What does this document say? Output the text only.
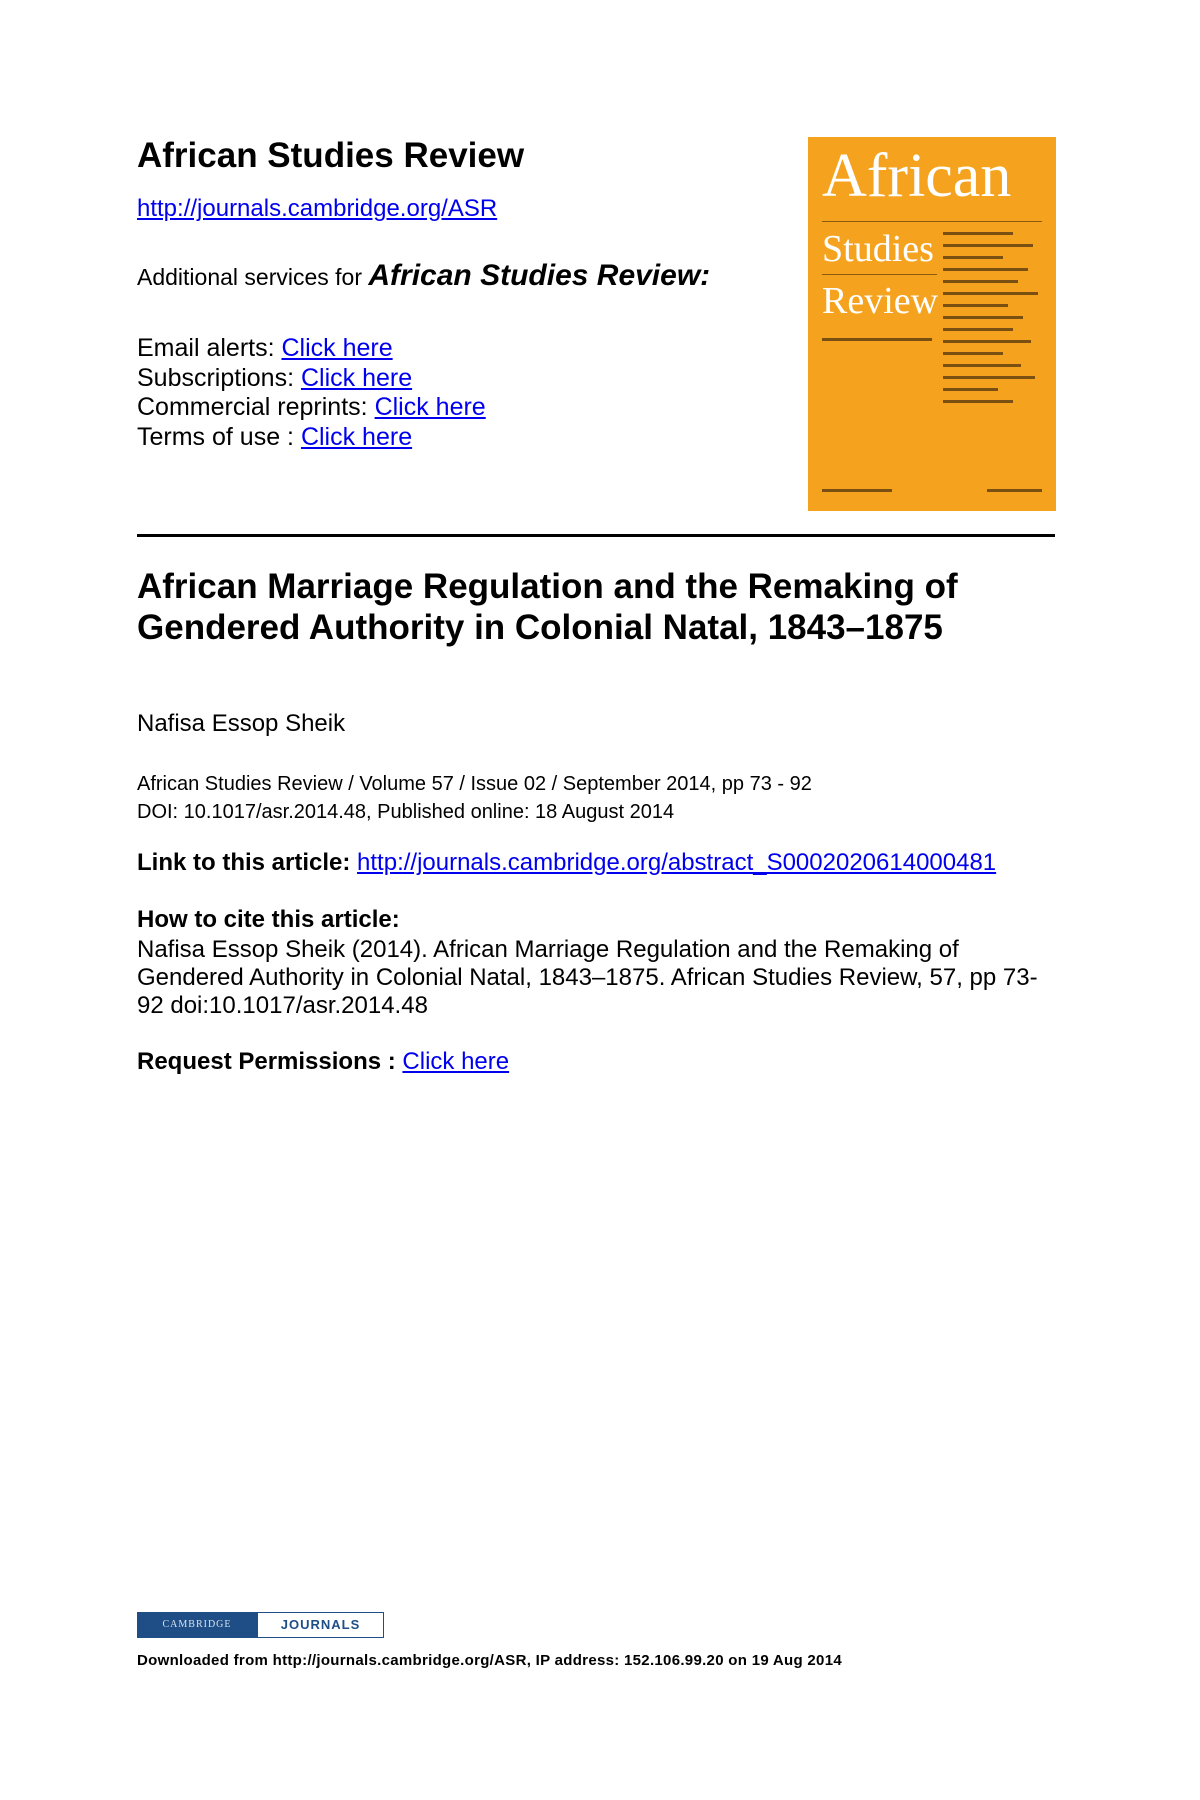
African Studies Review
http://journals.cambridge.org/ASR
Additional services for African Studies Review:
Email alerts: Click here
Subscriptions: Click here
Commercial reprints: Click here
Terms of use : Click here
African
Studies
Review
African Marriage Regulation and the Remaking of Gendered Authority in Colonial Natal, 1843–1875
Nafisa Essop Sheik
African Studies Review / Volume 57 / Issue 02 / September 2014, pp 73 - 92
DOI: 10.1017/asr.2014.48, Published online: 18 August 2014
Link to this article: http://journals.cambridge.org/abstract_S0002020614000481
How to cite this article:
Nafisa Essop Sheik (2014). African Marriage Regulation and the Remaking of Gendered Authority in Colonial Natal, 1843–1875. African Studies Review, 57, pp 73-92 doi:10.1017/asr.2014.48
Request Permissions : Click here
CAMBRIDGE	JOURNALS
Downloaded from http://journals.cambridge.org/ASR, IP address: 152.106.99.20 on 19 Aug 2014
